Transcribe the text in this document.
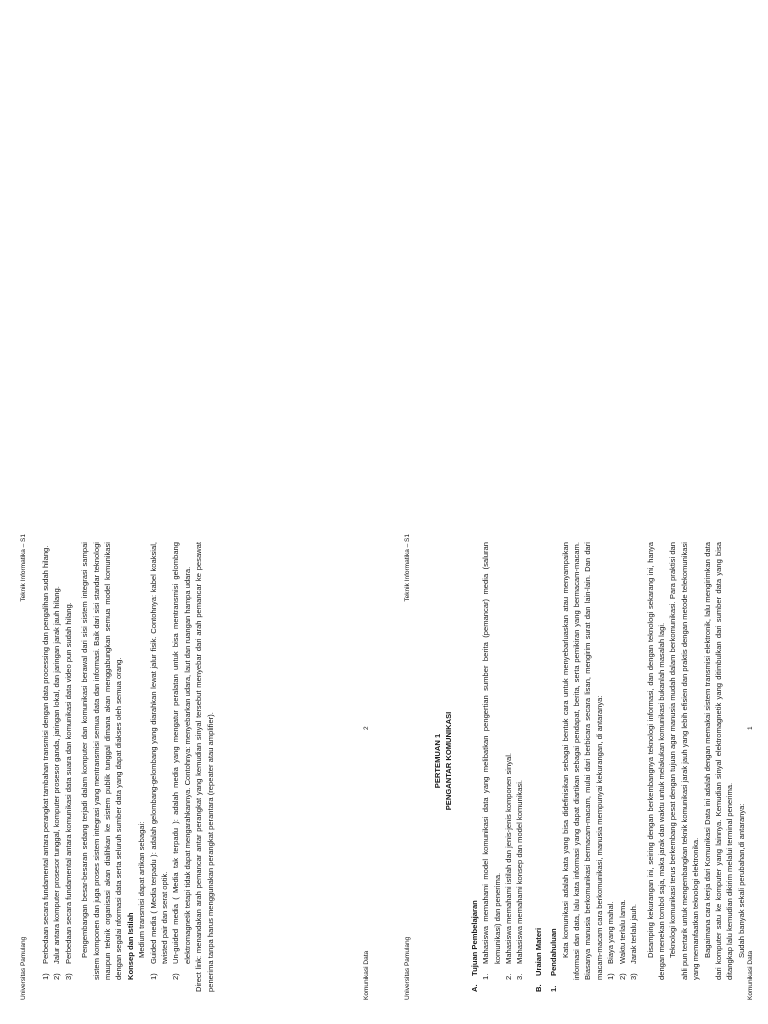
Universitas Pamulang
Teknik Informatika – S1
1)
Perbedaan secara fundamental antara perangkat tambahan transmisi dengan data processing dan pengalihan sudah hilang.
2)
Jalur antara komputer prosesor tunggal, komputer prosesor ganda, jaringan lokal, dan jaringan jarak jauh hilang.
3)
Perbedaan secara fundamental antara komunikasi data suara dan komunikasi data video pun sudah hilang. Pengembangan besar-besaran sedang terjadi dalam komputer dan komunikasi berawal dari sisi sistem integrasi sampai sistem komponen dan juga proses sistem integrasi yang mentransmisi semua data dan informasi. Baik dari sisi standar teknologi maupun teknik organisasi akan dialihkan ke sistem publik tunggal dimana akan menggabungkan semua model komunikasi dengan segalai nformasi data serta seluruh sumber data yang dapat diakses oleh semua orang. Konsep dan Istilah Medium transmisi dapat artikan sebagai:

1)
Guided media ( Media terpadu ): adalah gelombang-gelombang yang diarahkan lewat jalur fisik. Contohnya: kabel koaksial, twisted pair dan serat optik.
2)
Un-guided media ( Media tak terpadu ): adalah media yang mengatur peralatan untuk bisa mentransmisi gelombang elektromagnetik tetapi tidak dapat mengarahkannya. Contohnya: menyebarkan udara, laut dan ruangan hampa udara. Direct link: menandakan arah pemancar antar perangkat yang kemudian sinyal tersebut menyebar dari arah pemancar ke pesawat penerima tanpa harus menggunakan perangkat perantara (repeater atau amplifier).	Komunikasi Data
2
Universitas Pamulang
Teknik Informatika – S1

PERTEMUAN 1 PENGANTAR KOMUNIKASI

A.
Tujuan Pembelajaran
1.
Mahasiswa memahami model komunikasi data yang melibatkan pengertian sumber berita (pemancar) media (saluran komunikasi) dan penerima.
2.
Mahasiswa memahami istilah dan jenis-jenis komponen sinyal.
3.
Mahasiswa memahami konsep dan model komunikasi.
B.
Uraian Materi
1.
Pendahuluan Kata komunikasi adalah kata yang bisa didefinisikan sebagai bentuk cara untuk menyebarluaskan atau menyampaikan informasi dan data, lalu kata informasi yang dapat diartikan sebagai pendapat, berita, serta pemikiran yang bermacam-macam. Biasanya manusia berkomunikasi bermacam-macam, mulai dari berbicara secara lisan, mengirim surat dan lain-lain. Dan dari macam-macam cara berkomunikasi, manusia mempunyai kekurangan, di antaranya: 1)
Biaya yang mahal.
2)
Waktu terlalu lama.
3)
Jarak terlalu jauh. Disamping kekurangan ini, seiring dengan berkembangnya teknologi informasi, dan dengan teknologi sekarang ini, hanya dengan menekan tombol saja, maka jarak dan waktu untuk melakukan komunikasi bukanlah masalah lagi. Teknologi komunikasi terus berkembang pesat dengan tujuan agar manusia mudah dalam berkomunikasi. Para praktisi dan ahli pun tertarik untuk mengembangkan teknik komunikasi jarak jauh yang lebih efisien dan praktis dengan metode telekomunikasi yang memanfaatkan teknologi elektronika. Bagaimana cara kerja dari Komunikasi Data ini adalah dengan memakai sistem transmisi elektronik, lalu mengirimkan data dari komputer satu ke komputer yang lainnya. Kemudian sinyal elektromagnetik yang ditimbulkan dari sumber data yang bisa ditangkap lalu kemudian dikirim melalui terminal penerima. Sudah banyak sekali perubahan,di antaranya:

Komunikasi Data
1
